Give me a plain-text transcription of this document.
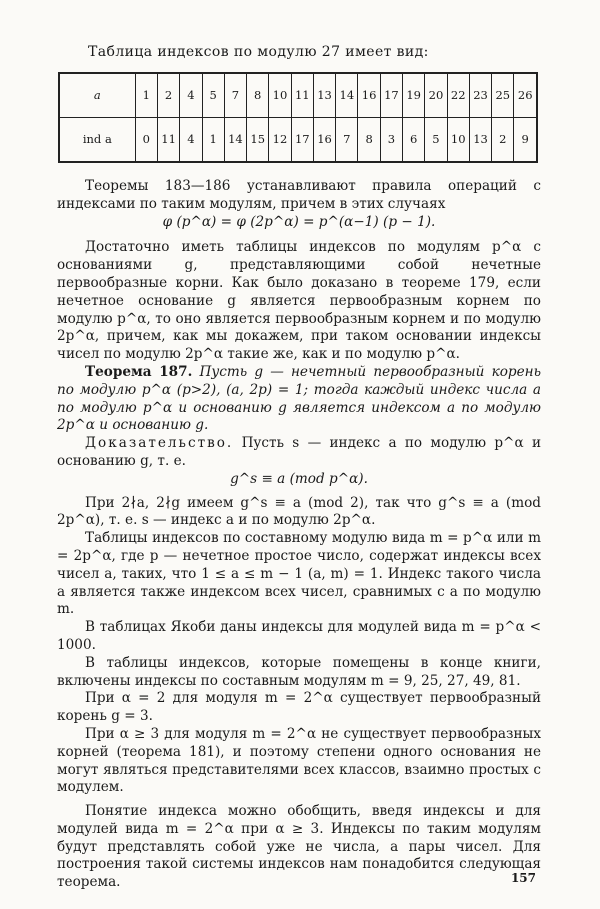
Таблица индексов по модулю 27 имеет вид:
a	1	2	4	5	7	8	10	11	13	14	16	17	19	20	22	23	25	26
ind a	0	11	4	1	14	15	12	17	16	7	8	3	6	5	10	13	2	9

Теоремы 183—186 устанавливают правила операций с индексами по таким модулям, причем в этих случаях

φ (p^α) = φ (2p^α) = p^(α−1) (p − 1).

Достаточно иметь таблицы индексов по модулям p^α с основаниями g, представляющими собой нечетные первообразные корни. Как было доказано в теореме 179, если нечетное основание g является первообразным корнем по модулю p^α, то оно является первообразным корнем и по модулю 2p^α, причем, как мы докажем, при таком основании индексы чисел по модулю 2p^α такие же, как и по модулю p^α.

Теорема 187. Пусть g — нечетный первообразный корень по модулю p^α (p>2), (a, 2p) = 1; тогда каждый индекс числа a по модулю p^α и основанию g является индексом a по модулю 2p^α и основанию g.

Доказательство. Пусть s — индекс a по модулю p^α и основанию g, т. е.

g^s ≡ a (mod p^α).

При 2∤a, 2∤g имеем g^s ≡ a (mod 2), так что g^s ≡ a (mod 2p^α), т. е. s — индекс a и по модулю 2p^α.

Таблицы индексов по составному модулю вида m = p^α или m = 2p^α, где p — нечетное простое число, содержат индексы всех чисел a, таких, что 1 ≤ a ≤ m − 1 (a, m) = 1. Индекс такого числа a является также индексом всех чисел, сравнимых с a по модулю m.

В таблицах Якоби даны индексы для модулей вида m = p^α < 1000.

В таблицы индексов, которые помещены в конце книги, включены индексы по составным модулям m = 9, 25, 27, 49, 81.

При α = 2 для модуля m = 2^α существует первообразный корень g = 3.

При α ≥ 3 для модуля m = 2^α не существует первообразных корней (теорема 181), и поэтому степени одного основания не могут являться представителями всех классов, взаимно простых с модулем.

Понятие индекса можно обобщить, введя индексы и для модулей вида m = 2^α при α ≥ 3. Индексы по таким модулям будут представлять собой уже не числа, а пары чисел. Для построения такой системы индексов нам понадобится следующая теорема.	157
